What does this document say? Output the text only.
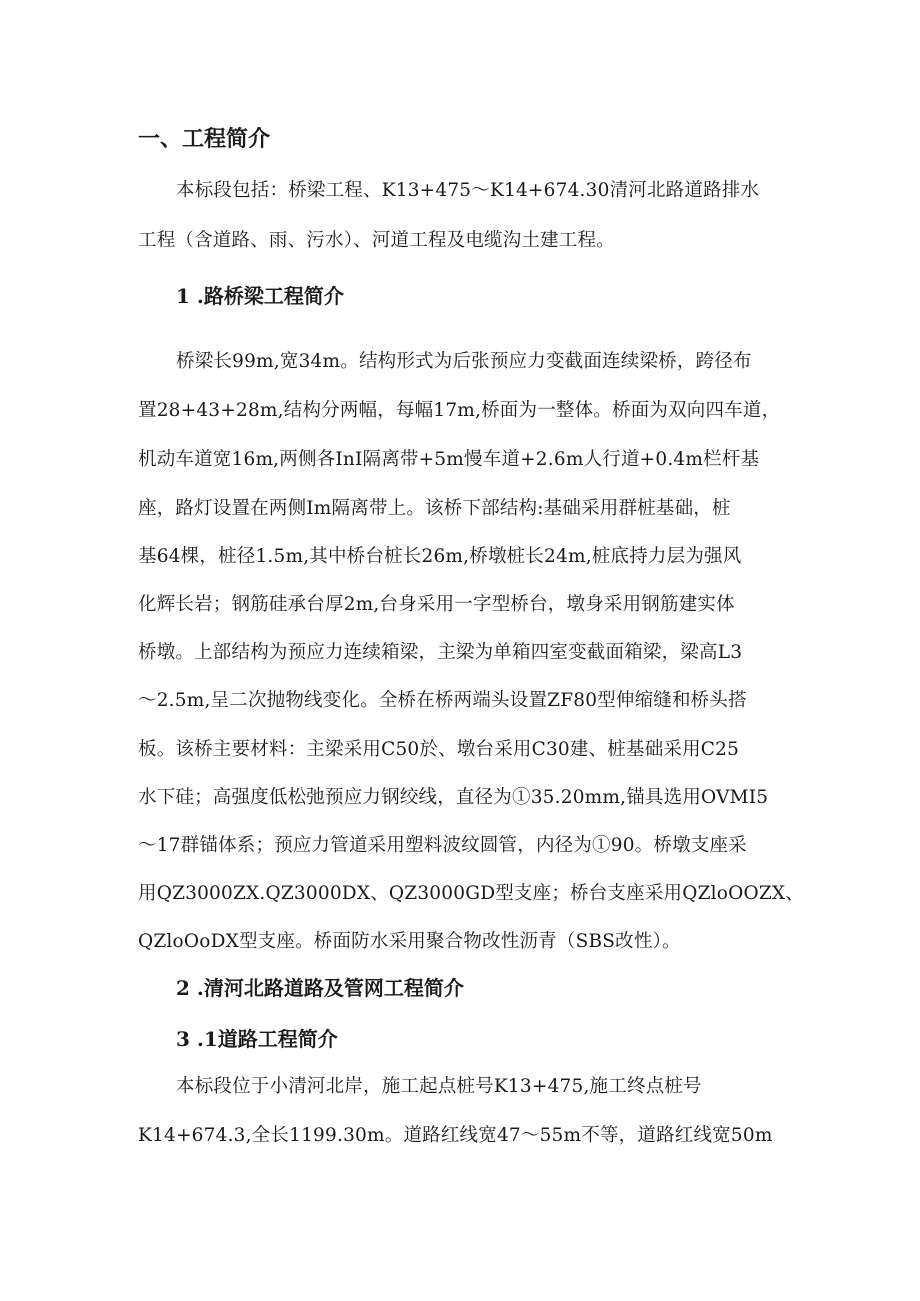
一、工程简介

本标段包括：桥梁工程、K13+475～K14+674.30清河北路道路排水

工程（含道路、雨、污水）、河道工程及电缆沟土建工程。

1 .路桥梁工程简介

桥梁长99m,宽34m。结构形式为后张预应力变截面连续梁桥，跨径布

置28+43+28m,结构分两幅，每幅17m,桥面为一整体。桥面为双向四车道，

机动车道宽16m,两侧各InI隔离带+5m慢车道+2.6m人行道+0.4m栏杆基

座，路灯设置在两侧Im隔离带上。该桥下部结构:基础采用群桩基础，桩

基64棵，桩径1.5m,其中桥台桩长26m,桥墩桩长24m,桩底持力层为强风

化辉长岩；钢筋硅承台厚2m,台身采用一字型桥台，墩身采用钢筋建实体

桥墩。上部结构为预应力连续箱梁，主梁为单箱四室变截面箱梁，梁高L3

～2.5m,呈二次抛物线变化。全桥在桥两端头设置ZF80型伸缩缝和桥头搭

板。该桥主要材料：主梁采用C50於、墩台采用C30建、桩基础采用C25

水下硅；高强度低松弛预应力钢绞线，直径为①35.20mm,锚具选用OVMI5

～17群锚体系；预应力管道采用塑料波纹圆管，内径为①90。桥墩支座采

用QZ3000ZX.QZ3000DX、QZ3000GD型支座；桥台支座采用QZloOOZX、

QZloOoDX型支座。桥面防水采用聚合物改性沥青（SBS改性）。

2 .清河北路道路及管网工程简介
3 .1道路工程简介

本标段位于小清河北岸，施工起点桩号K13+475,施工终点桩号

K14+674.3,全长1199.30m。道路红线宽47～55m不等，道路红线宽50m
